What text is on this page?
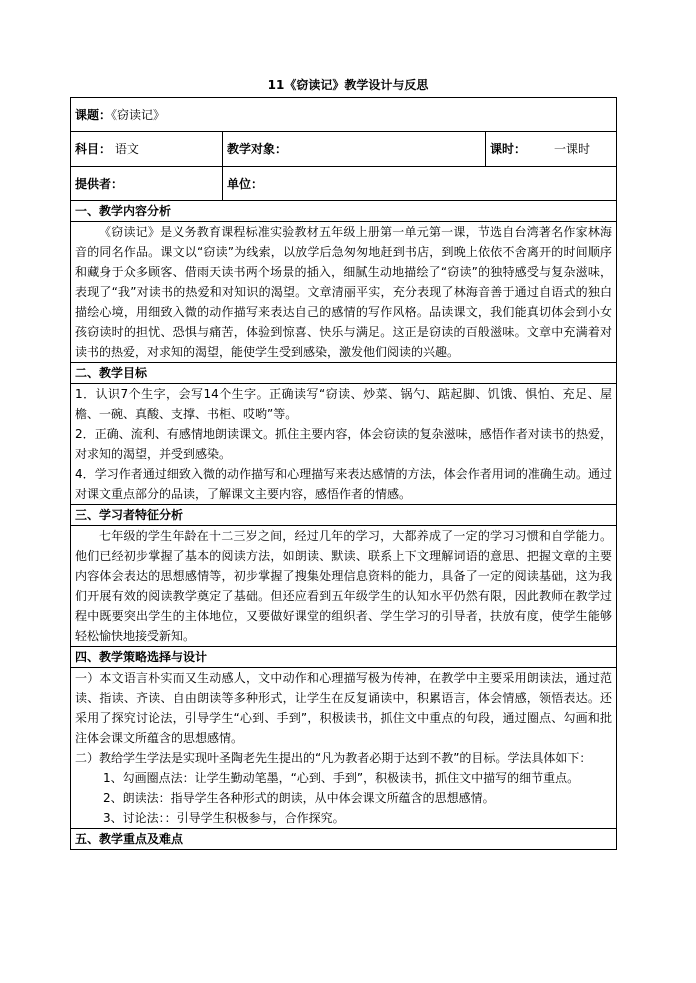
11《窃读记》教学设计与反思
课题：《窃读记》		
科目： 语文	教学对象：	课时： 一课时
提供者：	单位：	
一、教学内容分析		
《窃读记》是义务教育课程标准实验教材五年级上册第一单元第一课，节选自台湾著名作家林海音的同名作品。课文以“窃读”为线索，以放学后急匆匆地赶到书店，到晚上依依不舍离开的时间顺序和藏身于众多顾客、借雨天读书两个场景的插入，细腻生动地描绘了“窃读”的独特感受与复杂滋味，表现了“我”对读书的热爱和对知识的渴望。文章清丽平实，充分表现了林海音善于通过自语式的独白描绘心境，用细致入微的动作描写来表达自己的感情的写作风格。品读课文，我们能真切体会到小女孩窃读时的担忧、恐惧与痛苦，体验到惊喜、快乐与满足。这正是窃读的百般滋味。文章中充满着对读书的热爱，对求知的渴望，能使学生受到感染，激发他们阅读的兴趣。		
二、教学目标		

1．认识7个生字，会写14个生字。正确读写“窃读、炒菜、锅勺、踮起脚、饥饿、惧怕、充足、屋檐、一碗、真酸、支撑、书柜、哎哟”等。
2．正确、流利、有感情地朗读课文。抓住主要内容，体会窃读的复杂滋味，感悟作者对读书的热爱，对求知的渴望，并受到感染。
4．学习作者通过细致入微的动作描写和心理描写来表达感情的方法，体会作者用词的准确生动。通过对课文重点部分的品读，了解课文主要内容，感悟作者的情感。		

三、学习者特征分析		
七年级的学生年龄在十二三岁之间，经过几年的学习，大都养成了一定的学习习惯和自学能力。他们已经初步掌握了基本的阅读方法，如朗读、默读、联系上下文理解词语的意思、把握文章的主要内容体会表达的思想感情等，初步掌握了搜集处理信息资料的能力，具备了一定的阅读基础，这为我们开展有效的阅读教学奠定了基础。但还应看到五年级学生的认知水平仍然有限，因此教师在教学过程中既要突出学生的主体地位，又要做好课堂的组织者、学生学习的引导者，扶放有度，使学生能够轻松愉快地接受新知。		
四、教学策略选择与设计		

一）本文语言朴实而又生动感人，文中动作和心理描写极为传神，在教学中主要采用朗读法，通过范读、指读、齐读、自由朗读等多种形式，让学生在反复诵读中，积累语言，体会情感，领悟表达。还采用了探究讨论法，引导学生“心到、手到”，积极读书，抓住文中重点的句段，通过圈点、勾画和批注体会课文所蕴含的思想感情。
二）教给学生学法是实现叶圣陶老先生提出的“凡为教者必期于达到不教”的目标。学法具体如下：
1、勾画圈点法：让学生勤动笔墨，“心到、手到”，积极读书，抓住文中描写的细节重点。
2、朗读法：指导学生各种形式的朗读，从中体会课文所蕴含的思想感情。
3、讨论法：：引导学生积极参与，合作探究。		

五、教学重点及难点		
